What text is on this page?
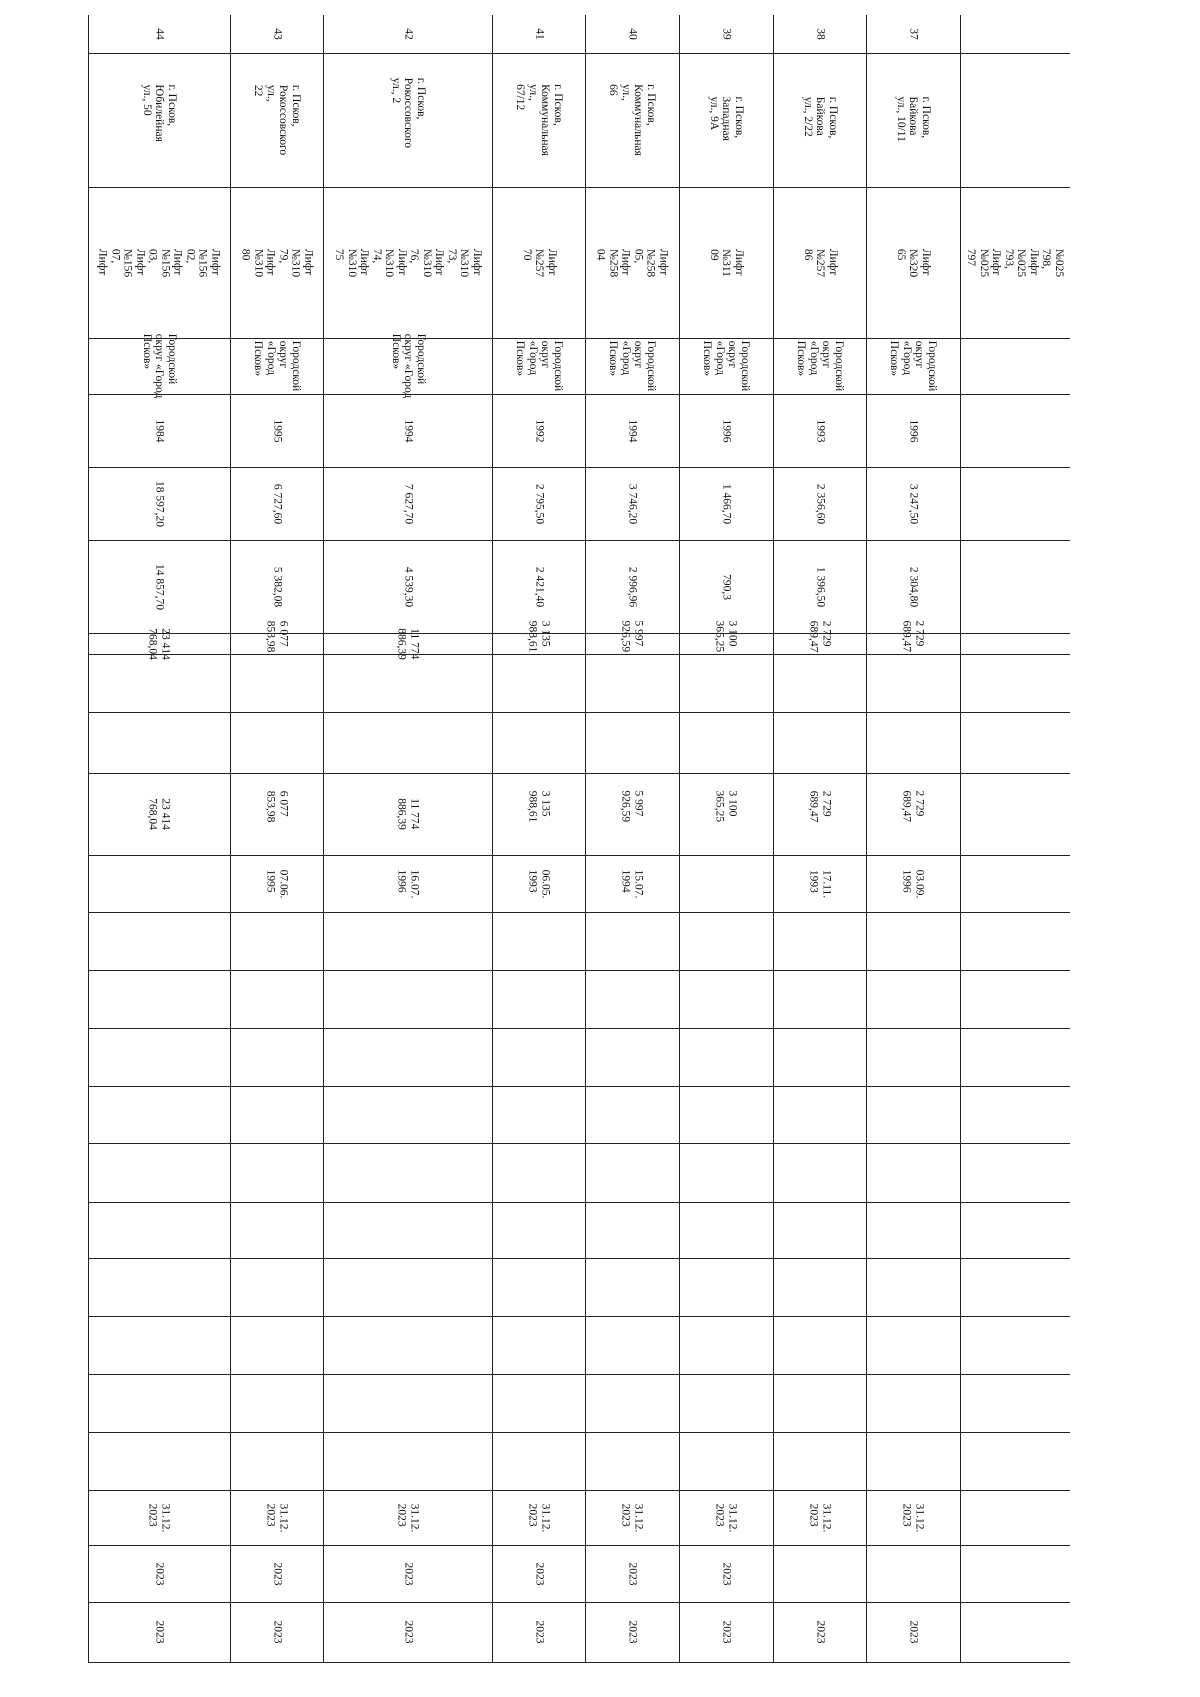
44
г. Псков,
Юбилейная ул., 50
Лифт
№156
02,
Лифт
№156
03,
Лифт
№156
07,
Лифт
Городской
округ «Город
Псков»
1984
18 597,20
14 857,70
23 414
768,04
23 414
768,04
31.12.
2023
2023
2023
43
г. Псков,
Рокоссовского ул.,
22
Лифт
№310
79,
Лифт
№310
80
Городской
округ «Город
Псков»
1995
6 727,60
5 382,08
6 077 853,98
6 077 853,98
07.06.
1995
31.12.
2023
2023
2023
42
г. Псков,
Рокоссовского ул., 2
Лифт
№310
73,
Лифт
№310
76,
Лифт
№310
74,
Лифт
№310
75
Городской
округ «Город
Псков»
1994
7 627,70
4 539,30
11 774
886,39
11 774
886,39
16.07.
1996
31.12.
2023
2023
2023
41
г. Псков,
Коммунальная ул.,
67/12
Лифт
№257
70
Городской
округ «Город
Псков»
1992
2 795,50
2 421,40
3 135 988,61
3 135 988,61
06.05.
1993
31.12.
2023
2023
2023
40
г. Псков,
Коммунальная ул.,
66
Лифт
№258
05,
Лифт
№258
04
Городской
округ «Город
Псков»
1994
3 746,20
2 996,96
5 997 926,59
5 997 926,59
15.07.
1994
31.12.
2023
2023
2023
39
г. Псков, Западная
ул., 9А
Лифт
№311
09
Городской
округ «Город
Псков»
1996
1 466,70
790,3
3 100 365,25
3 100 365,25
31.12.
2023
2023
2023
38
г. Псков, Байкова
ул., 2/22
Лифт
№257
86
Городской
округ «Город
Псков»
1993
2 356,60
1 396,50
2 729 689,47
2 729 689,47
17.11.
1993
31.12.
2023
2023
37
г. Псков, Байкова
ул., 10/11
Лифт
№320
65
Городской
округ «Город
Псков»
1996
3 247,50
2 304,80
2 729 689,47
2 729 689,47
03.09.
1996
31.12.
2023
2023
№025
798,
Лифт
№025
793,
Лифт
№025
797
